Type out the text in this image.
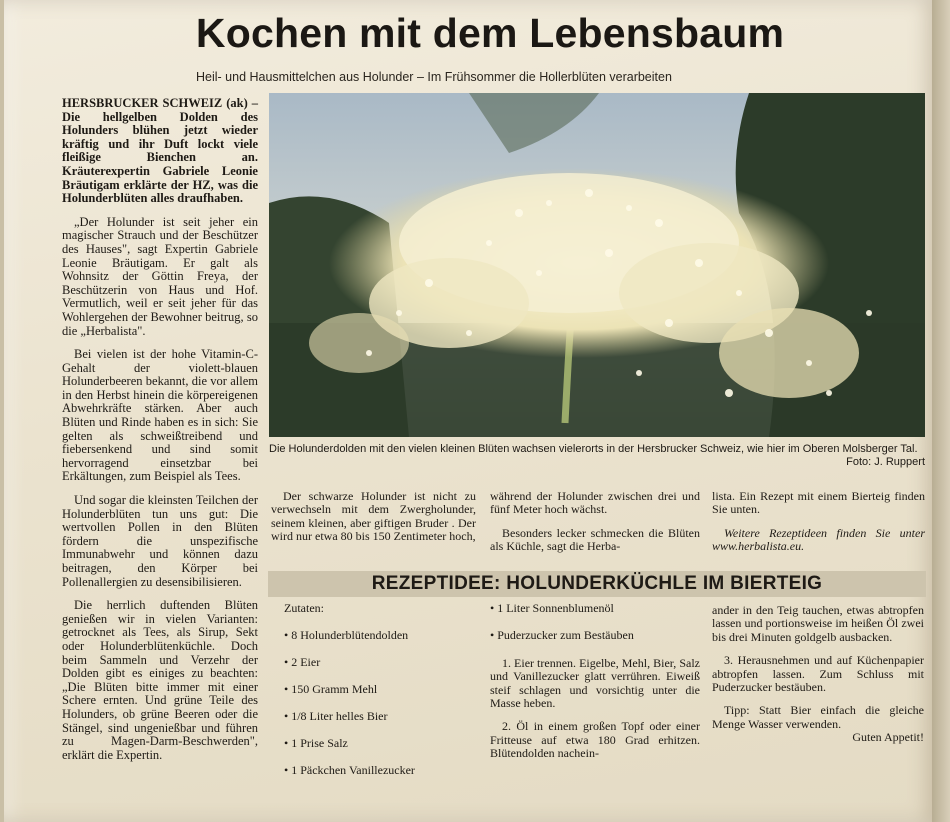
Kochen mit dem Lebensbaum
Heil- und Hausmittelchen aus Holunder – Im Frühsommer die Hollerblüten verarbeiten

HERSBRUCKER SCHWEIZ (ak) – Die hellgelben Dolden des Holunders blühen jetzt wieder kräftig und ihr Duft lockt viele fleißige Bienchen an. Kräuterexpertin Gabriele Leonie Bräutigam erklärte der HZ, was die Holunderblüten alles draufhaben.

„Der Holunder ist seit jeher ein magischer Strauch und der Beschützer des Hauses", sagt Expertin Gabriele Leonie Bräutigam. Er galt als Wohnsitz der Göttin Freya, der Beschützerin von Haus und Hof. Vermutlich, weil er seit jeher für das Wohlergehen der Bewohner beitrug, so die „Herbalista".

Bei vielen ist der hohe Vitamin-C-Gehalt der violett-blauen Holunderbeeren bekannt, die vor allem in den Herbst hinein die körpereigenen Abwehrkräfte stärken. Aber auch Blüten und Rinde haben es in sich: Sie gelten als schweißtreibend und fiebersenkend und sind somit hervorragend einsetzbar bei Erkältungen, zum Beispiel als Tees.

Und sogar die kleinsten Teilchen der Holunderblüten tun uns gut: Die wertvollen Pollen in den Blüten fördern die unspezifische Immunabwehr und können dazu beitragen, den Körper bei Pollenallergien zu desensibilisieren.

Die herrlich duftenden Blüten genießen wir in vielen Varianten: getrocknet als Tees, als Sirup, Sekt oder Holunderblütenküchle. Doch beim Sammeln und Verzehr der Dolden gibt es einiges zu beachten: „Die Blüten bitte immer mit einer Schere ernten. Und grüne Teile des Holunders, ob grüne Beeren oder die Stängel, sind ungenießbar und führen zu Magen-Darm-Beschwerden", erklärt die Expertin.

Die Holunderdolden mit den vielen kleinen Blüten wachsen vielerorts in der Hersbrucker Schweiz, wie hier im Oberen Molsberger Tal.
Foto: J. Ruppert

Der schwarze Holunder ist nicht zu verwechseln mit dem Zwergholunder, seinem kleinen, aber giftigen Bruder . Der wird nur etwa 80 bis 150 Zentimeter hoch,

während der Holunder zwischen drei und fünf Meter hoch wächst.

Besonders lecker schmecken die Blüten als Küchle, sagt die Herba-

lista. Ein Rezept mit einem Bierteig finden Sie unten.

Weitere Rezeptideen finden Sie unter www.herbalista.eu.

REZEPTIDEE: HOLUNDERKÜCHLE IM BIERTEIG
Zutaten:
• 8 Holunderblütendolden
• 2 Eier
• 150 Gramm Mehl
• 1/8 Liter helles Bier
• 1 Prise Salz
• 1 Päckchen Vanillezucker
• 1 Liter Sonnenblumenöl
• Puderzucker zum Bestäuben

1. Eier trennen. Eigelbe, Mehl, Bier, Salz und Vanillezucker glatt verrühren. Eiweiß steif schlagen und vorsichtig unter die Masse heben.

2. Öl in einem großen Topf oder einer Fritteuse auf etwa 180 Grad erhitzen. Blütendolden nachein-

ander in den Teig tauchen, etwas abtropfen lassen und portionsweise im heißen Öl zwei bis drei Minuten goldgelb ausbacken.

3. Herausnehmen und auf Küchenpapier abtropfen lassen. Zum Schluss mit Puderzucker bestäuben.

Tipp: Statt Bier einfach die gleiche Menge Wasser verwenden.

Guten Appetit!
